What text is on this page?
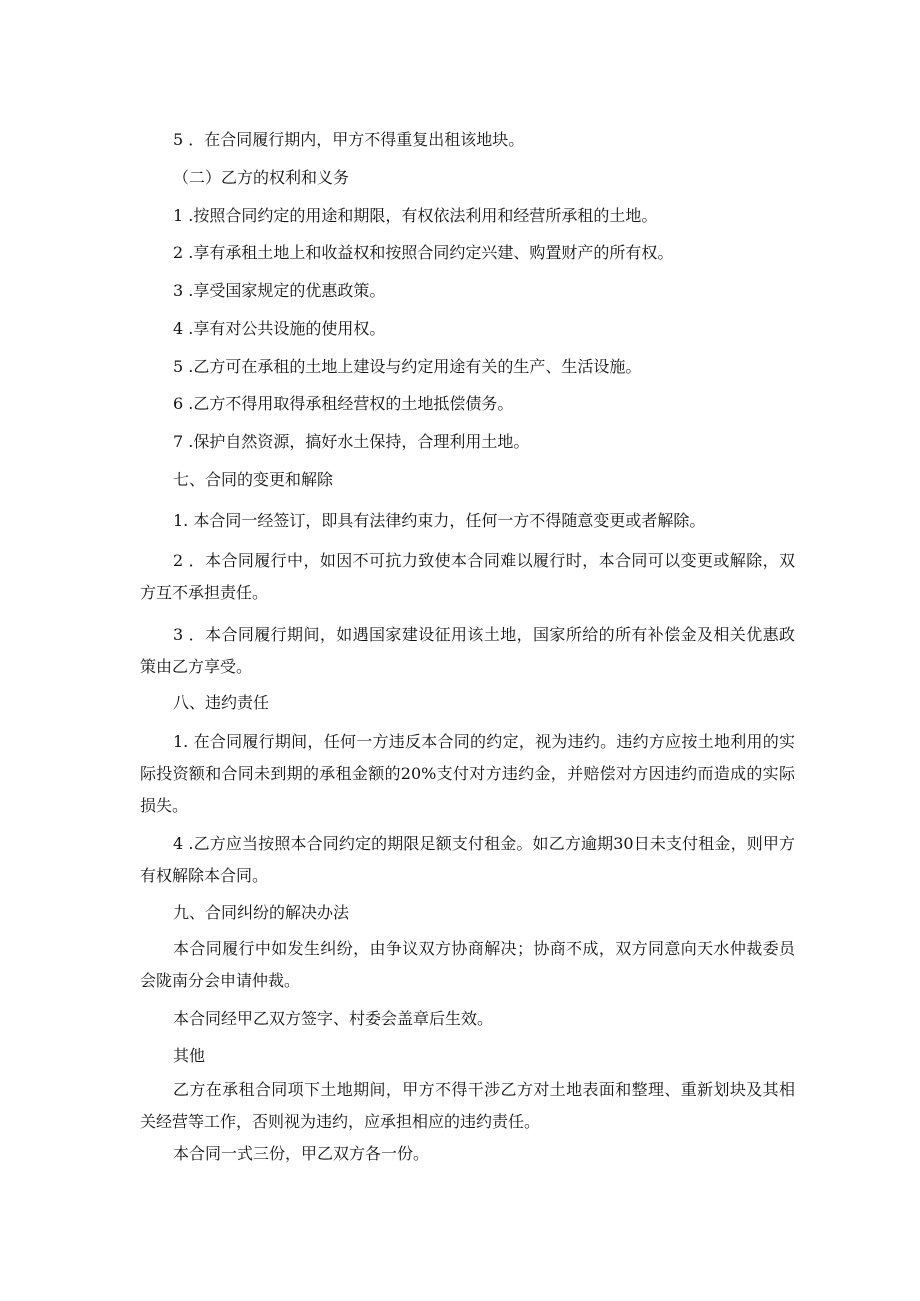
5 ．在合同履行期内，甲方不得重复出租该地块。

（二）乙方的权利和义务

1 .按照合同约定的用途和期限，有权依法利用和经营所承租的土地。

2 .享有承租土地上和收益权和按照合同约定兴建、购置财产的所有权。

3 .享受国家规定的优惠政策。

4 .享有对公共设施的使用权。

5 .乙方可在承租的土地上建设与约定用途有关的生产、生活设施。

6 .乙方不得用取得承租经营权的土地抵偿债务。

7 .保护自然资源，搞好水土保持，合理利用土地。

七、合同的变更和解除

1. 本合同一经签订，即具有法律约束力，任何一方不得随意变更或者解除。

2 ．本合同履行中，如因不可抗力致使本合同难以履行时，本合同可以变更或解除，双方互不承担责任。

3 ．本合同履行期间，如遇国家建设征用该土地，国家所给的所有补偿金及相关优惠政策由乙方享受。

八、违约责任

1. 在合同履行期间，任何一方违反本合同的约定，视为违约。违约方应按土地利用的实际投资额和合同未到期的承租金额的20%支付对方违约金，并赔偿对方因违约而造成的实际损失。

4 .乙方应当按照本合同约定的期限足额支付租金。如乙方逾期30日未支付租金，则甲方有权解除本合同。

九、合同纠纷的解决办法

本合同履行中如发生纠纷，由争议双方协商解决；协商不成，双方同意向天水仲裁委员会陇南分会申请仲裁。

本合同经甲乙双方签字、村委会盖章后生效。

其他

乙方在承租合同项下土地期间，甲方不得干涉乙方对土地表面和整理、重新划块及其相关经营等工作，否则视为违约，应承担相应的违约责任。

本合同一式三份，甲乙双方各一份。
